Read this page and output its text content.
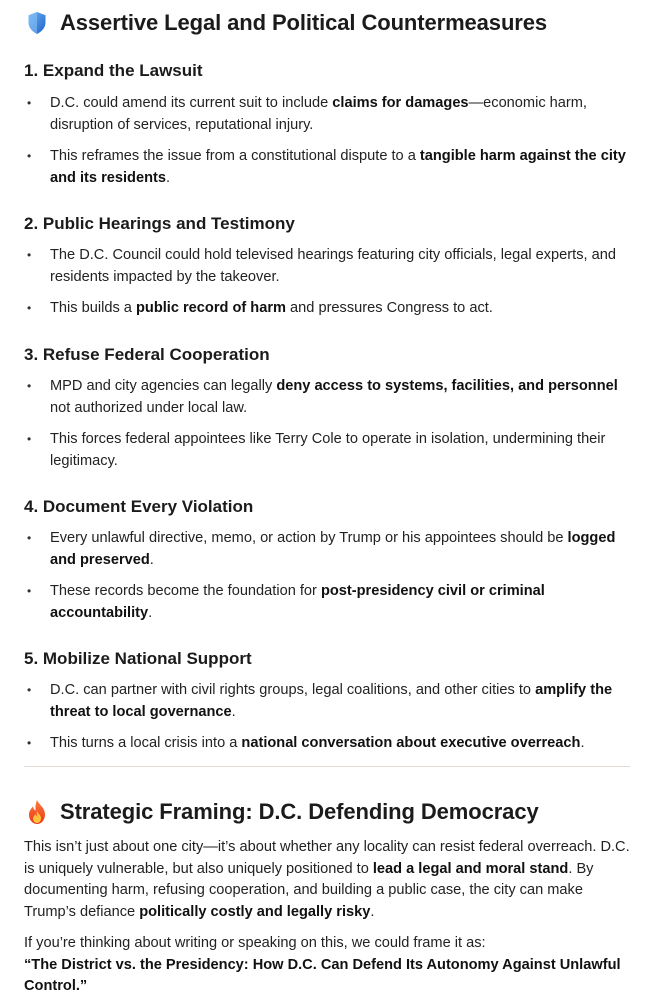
Assertive Legal and Political Countermeasures
1. Expand the Lawsuit
• D.C. could amend its current suit to include claims for damages—economic harm, disruption of services, reputational injury.
• This reframes the issue from a constitutional dispute to a tangible harm against the city and its residents.
2. Public Hearings and Testimony
• The D.C. Council could hold televised hearings featuring city officials, legal experts, and residents impacted by the takeover.
• This builds a public record of harm and pressures Congress to act.
3. Refuse Federal Cooperation
• MPD and city agencies can legally deny access to systems, facilities, and personnel not authorized under local law.
• This forces federal appointees like Terry Cole to operate in isolation, undermining their legitimacy.
4. Document Every Violation
• Every unlawful directive, memo, or action by Trump or his appointees should be logged and preserved.
• These records become the foundation for post-presidency civil or criminal accountability.
5. Mobilize National Support
• D.C. can partner with civil rights groups, legal coalitions, and other cities to amplify the threat to local governance.
• This turns a local crisis into a national conversation about executive overreach.
Strategic Framing: D.C. Defending Democracy

This isn’t just about one city—it’s about whether any locality can resist federal overreach. D.C. is uniquely vulnerable, but also uniquely positioned to lead a legal and moral stand. By documenting harm, refusing cooperation, and building a public case, the city can make Trump’s defiance politically costly and legally risky.

If you’re thinking about writing or speaking on this, we could frame it as:
“The District vs. the Presidency: How D.C. Can Defend Its Autonomy Against Unlawful Control.”
